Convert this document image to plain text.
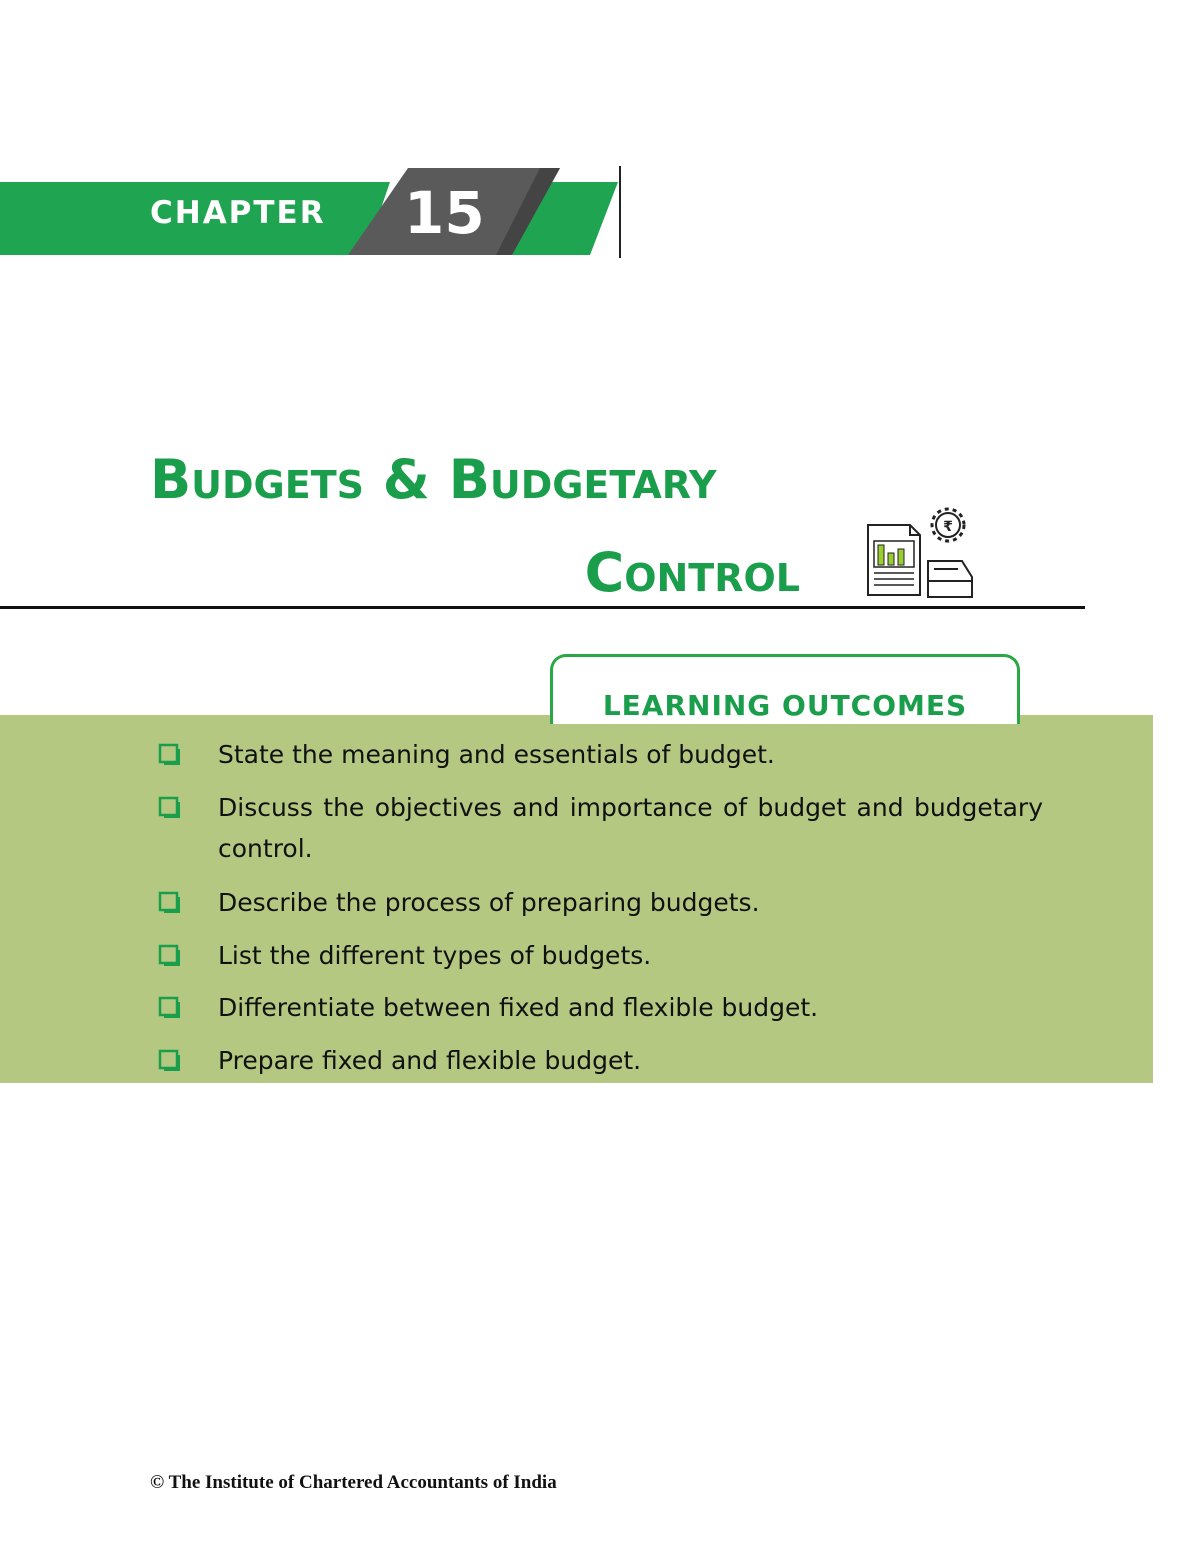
CHAPTER 15
Budgets & Budgetary
Control
₹
State the meaning and essentials of budget.
Discuss the objectives and importance of budget and budgetary control.
Describe the process of preparing budgets.
List the different types of budgets.
Differentiate between fixed and flexible budget.
Prepare fixed and flexible budget.
LEARNING OUTCOMES
© The Institute of Chartered Accountants of India
